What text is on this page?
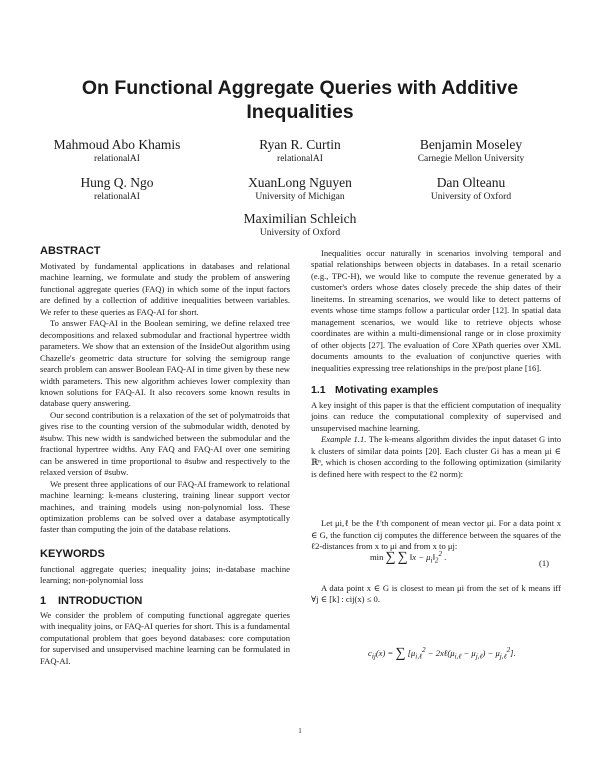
On Functional Aggregate Queries with Additive Inequalities
Mahmoud Abo Khamis
relationalAI
Ryan R. Curtin
relationalAI
Benjamin Moseley
Carnegie Mellon University
Hung Q. Ngo
relationalAI
XuanLong Nguyen
University of Michigan
Dan Olteanu
University of Oxford
Maximilian Schleich
University of Oxford
ABSTRACT

Motivated by fundamental applications in databases and relational machine learning, we formulate and study the problem of answering functional aggregate queries (FAQ) in which some of the input factors are defined by a collection of additive inequalities between variables. We refer to these queries as FAQ-AI for short.

To answer FAQ-AI in the Boolean semiring, we define relaxed tree decompositions and relaxed submodular and fractional hypertree width parameters. We show that an extension of the InsideOut algorithm using Chazelle's geometric data structure for solving the semigroup range search problem can answer Boolean FAQ-AI in time given by these new width parameters. This new algorithm achieves lower complexity than known solutions for FAQ-AI. It also recovers some known results in database query answering.

Our second contribution is a relaxation of the set of polymatroids that gives rise to the counting version of the submodular width, denoted by #subw. This new width is sandwiched between the submodular and the fractional hypertree widths. Any FAQ and FAQ-AI over one semiring can be answered in time proportional to #subw and respectively to the relaxed version of #subw.

We present three applications of our FAQ-AI framework to relational machine learning: k-means clustering, training linear support vector machines, and training models using non-polynomial loss. These optimization problems can be solved over a database asymptotically faster than computing the join of the database relations.

KEYWORDS

functional aggregate queries; inequality joins; in-database machine learning; non-polynomial loss

1 INTRODUCTION

We consider the problem of computing functional aggregate queries with inequality joins, or FAQ-AI queries for short. This is a fundamental computational problem that goes beyond databases: core computation for supervised and unsupervised machine learning can be formulated in FAQ-AI.

Inequalities occur naturally in scenarios involving temporal and spatial relationships between objects in databases. In a retail scenario (e.g., TPC-H), we would like to compute the revenue generated by a customer's orders whose dates closely precede the ship dates of their lineitems. In streaming scenarios, we would like to detect patterns of events whose time stamps follow a particular order [12]. In spatial data management scenarios, we would like to retrieve objects whose coordinates are within a multi-dimensional range or in close proximity of other objects [27]. The evaluation of Core XPath queries over XML documents amounts to the evaluation of conjunctive queries with inequalities expressing tree relationships in the pre/post plane [16].

1.1 Motivating examples

A key insight of this paper is that the efficient computation of inequality joins can reduce the computational complexity of supervised and unsupervised machine learning.

Example 1.1. The k-means algorithm divides the input dataset G into k clusters of similar data points [20]. Each cluster Gi has a mean μi ∈ ℝⁿ, which is chosen according to the following optimization (similarity is defined here with respect to the ℓ2 norm):

Let μi,ℓ be the ℓ'th component of mean vector μi. For a data point x ∈ G, the function cij computes the difference between the squares of the ℓ2-distances from x to μi and from x to μj:

A data point x ∈ G is closest to mean μi from the set of k means iff ∀j ∈ [k] : cij(x) ≤ 0.

min ∑ ∑ ‖x − $\mu_i‖_2^2$ .
(1)
$c_{ij}(x)$ = ∑ [$\mu_{i,\ell}^2$ − $2x\ell(\mu_{i,\ell} - \mu_{j,\ell}) - \mu_{j,\ell}^2$].
1
